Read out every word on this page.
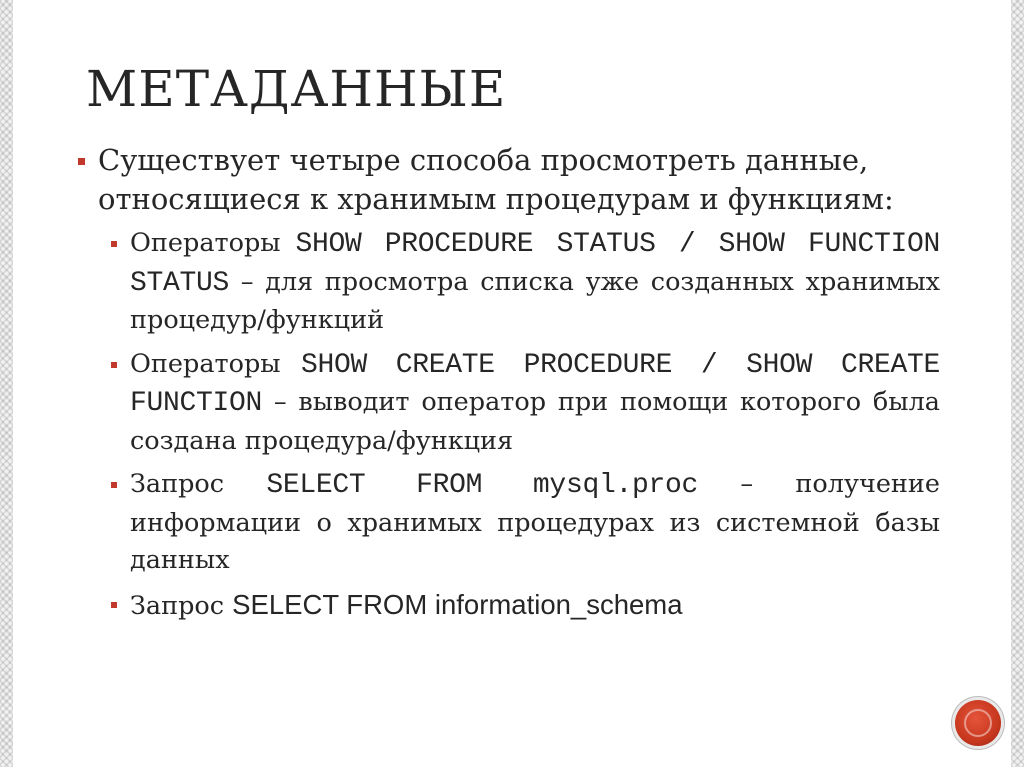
МЕТАДАННЫЕ
Существует четыре способа просмотреть данные, относящиеся к хранимым процедурам и функциям:
Операторы SHOW PROCEDURE STATUS / SHOW FUNCTION STATUS – для просмотра списка уже созданных хранимых процедур/функций
Операторы SHOW CREATE PROCEDURE / SHOW CREATE FUNCTION – выводит оператор при помощи которого была создана процедура/функция
Запрос SELECT FROM mysql.proc – получение информации о хранимых процедурах из системной базы данных
Запрос SELECT FROM information_schema
